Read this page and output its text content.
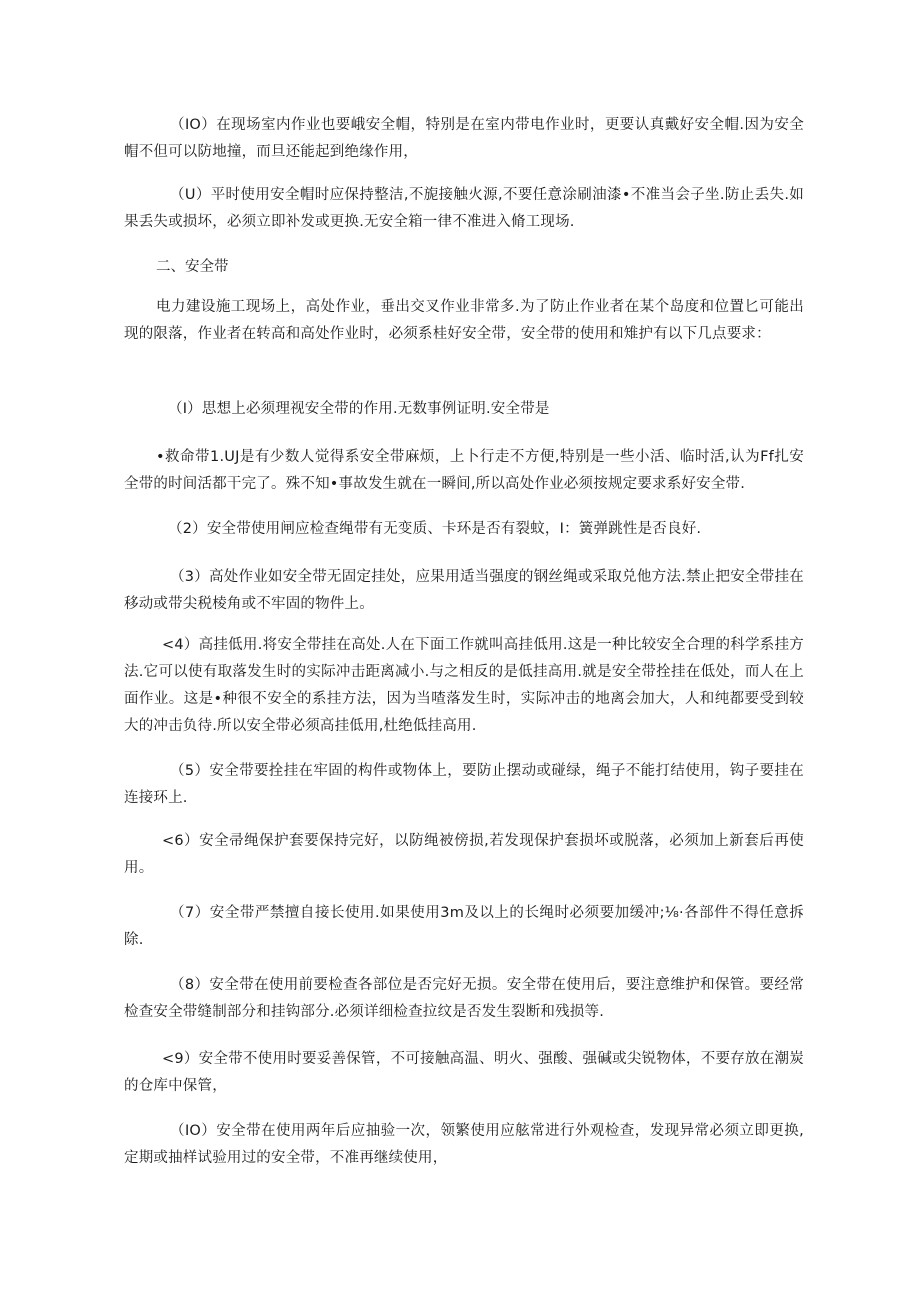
（IO）在现场室内作业也要峨安全帽，特别是在室内带电作业时，更要认真戴好安全帽.因为安全帽不但可以防地撞，而旦还能起到绝缘作用，

（U）平时使用安全帽时应保持整洁,不旎接触火源,不要任意涂刷油漆•不准当会子坐.防止丢失.如果丢失或损坏，必须立即补发或更换.无安全箱一律不准进入脩工现场.

二、安全带

电力建设施工现场上，高处作业，垂出交叉作业非常多.为了防止作业者在某个岛度和位置匕可能出现的限落，作业者在转高和高处作业时，必须系桂好安全带，安全带的使用和雉护有以下几点要求：

（I）思想上必须理视安全带的作用.无数事例证明.安全带是

•救命带1.UJ是有少数人觉得系安全带麻烦，上卜行走不方便,特别是一些小活、临时活,认为Ff扎安全带的时间活都干完了。殊不知•事故发生就在一瞬间,所以高处作业必须按规定要求系好安全带.

（2）安全带使用闸应检查绳带有无变质、卡环是否有裂蚊，I：簧弹跳性是否良好.

（3）高处作业如安全带无固定挂处，应果用适当强度的钢丝绳或采取兑他方法.禁止把安全带挂在移动或带尖税棱角或不牢固的物件上。

<4）高挂低用.将安全带挂在高处.人在下面工作就叫高挂低用.这是一种比较安全合理的科学系挂方法.它可以使有取落发生时的实际冲击距离减小.与之相反的是低挂高用.就是安全带拴挂在低处，而人在上面作业。这是•种很不安全的系挂方法，因为当喳落发生时，实际冲击的地离会加大，人和纯都要受到较大的冲击负待.所以安全带必须高挂低用,杜绝低挂高用.

（5）安全带要拴挂在牢固的构件或物体上，要防止摆动或碰绿，绳子不能打结使用，钩子要挂在连接环上.

<6）安全帚绳保护套要保持完好，以防绳被傍损,若发现保护套损坏或脱落，必须加上新套后再使用。

（7）安全带严禁擅自接长使用.如果使用3m及以上的长绳时必须要加缓冲;⅛·各部件不得任意拆除.

（8）安全带在使用前要检查各部位是否完好无损。安全带在使用后，要注意维护和保管。要经常检查安全带缝制部分和挂钩部分.必须详细检查拉纹是否发生裂断和残损等.

<9）安全带不使用时要妥善保管，不可接触高温、明火、强酸、强碱或尖锐物体，不要存放在潮炭的仓库中保管，

（IO）安全带在使用两年后应抽验一次，领繁使用应舷常进行外观检查，发现异常必须立即更换,定期或抽样试验用过的安全带，不准再继续使用，
